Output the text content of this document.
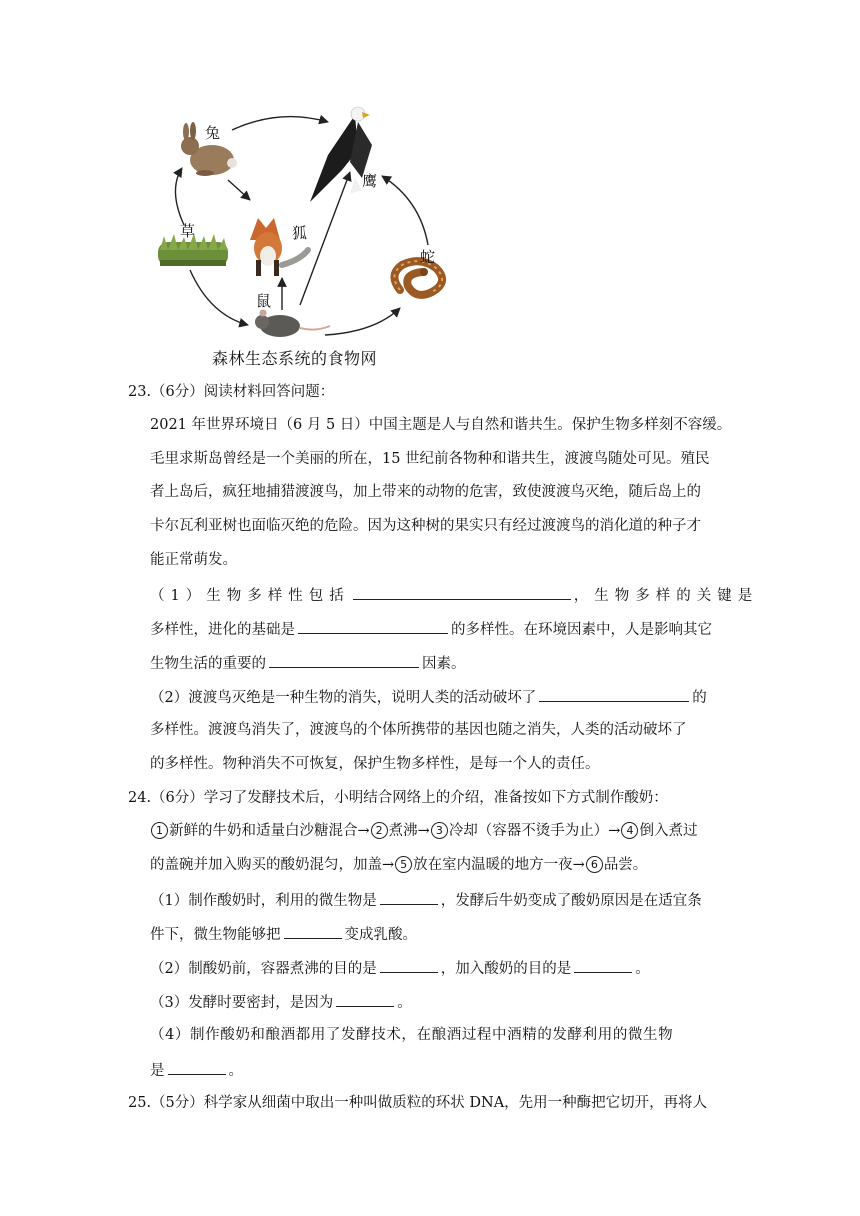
兔
鹰
草	狐
蛇
鼠
森林生态系统的食物网
23.（6分）阅读材料回答问题：
2021 年世界环境日（6 月 5 日）中国主题是人与自然和谐共生。保护生物多样刻不容缓。
毛里求斯岛曾经是一个美丽的所在，15 世纪前各物种和谐共生，渡渡鸟随处可见。殖民
者上岛后，疯狂地捕猎渡渡鸟，加上带来的动物的危害，致使渡渡鸟灭绝，随后岛上的
卡尔瓦利亚树也面临灭绝的危险。因为这种树的果实只有经过渡渡鸟的消化道的种子才
能正常萌发。
（1）生物多样性包括	，生物多样的关键是
多样性，进化的基础是	的多样性。在环境因素中，人是影响其它
生物生活的重要的	因素。
（2）渡渡鸟灭绝是一种生物的消失，说明人类的活动破坏了	的
多样性。渡渡鸟消失了，渡渡鸟的个体所携带的基因也随之消失，人类的活动破坏了
的多样性。物种消失不可恢复，保护生物多样性，是每一个人的责任。
24.（6分）学习了发酵技术后，小明结合网络上的介绍，准备按如下方式制作酸奶：
1 新鲜的牛奶和适量白沙糖混合→ 2 煮沸→ 3 冷却（容器不烫手为止）→ 4 倒入煮过
的盖碗并加入购买的酸奶混匀，加盖→ 5 放在室内温暖的地方一夜→ 6 品尝。
（1）制作酸奶时，利用的微生物是	，发酵后牛奶变成了酸奶原因是在适宜条
件下，微生物能够把	变成乳酸。
（2）制酸奶前，容器煮沸的目的是	，加入酸奶的目的是	。
（3）发酵时要密封，是因为	。
（4）制作酸奶和酿酒都用了发酵技术，在酿酒过程中酒精的发酵利用的微生物
是	。
25.（5分）科学家从细菌中取出一种叫做质粒的环状 DNA，先用一种酶把它切开，再将人
